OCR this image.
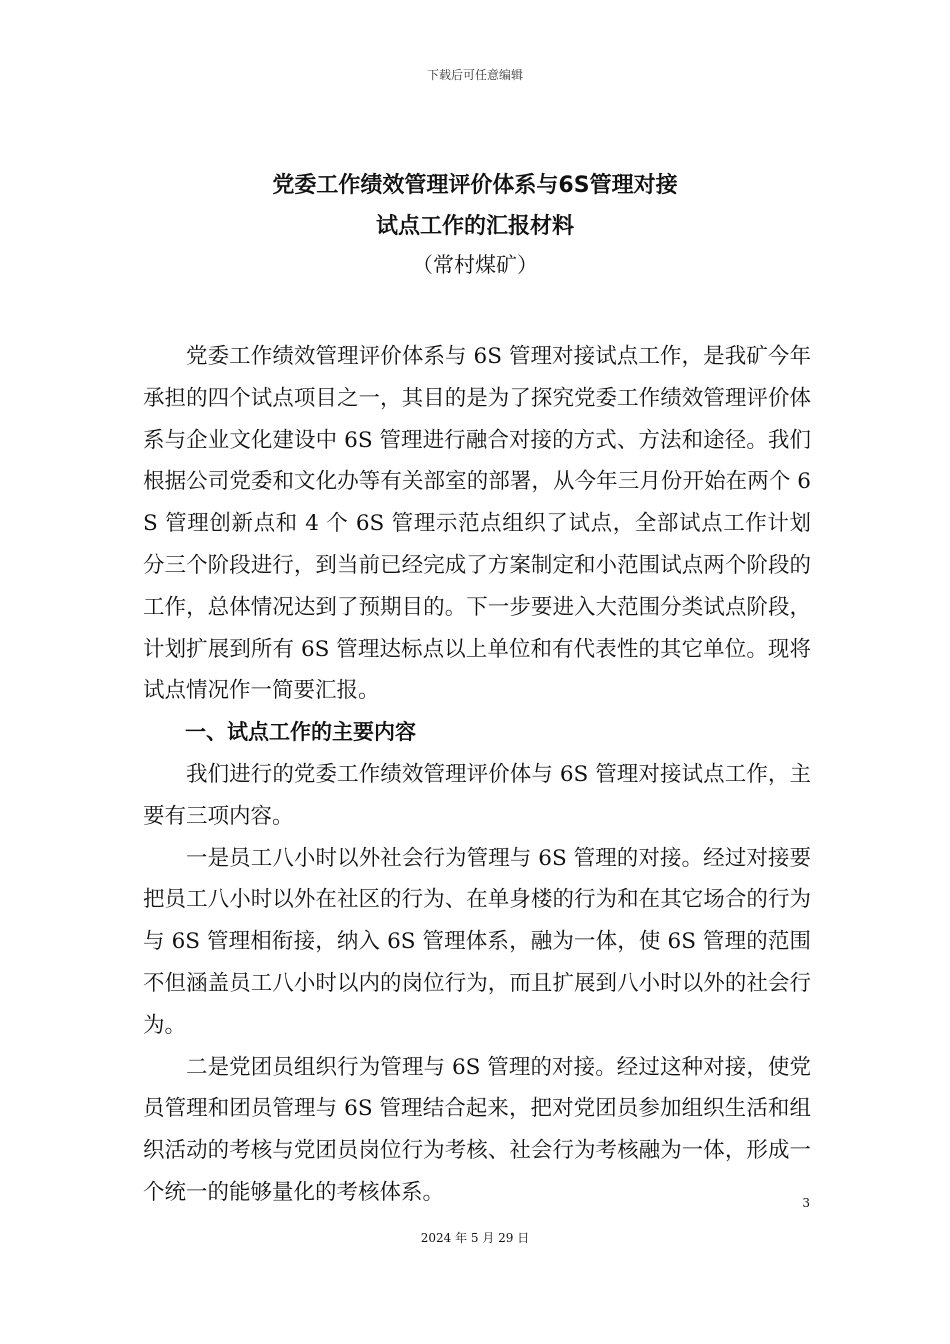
下载后可任意编辑
党委工作绩效管理评价体系与6S管理对接
试点工作的汇报材料
（常村煤矿）

党委工作绩效管理评价体系与 6S 管理对接试点工作，是我矿今年承担的四个试点项目之一，其目的是为了探究党委工作绩效管理评价体系与企业文化建设中 6S 管理进行融合对接的方式、方法和途径。我们根据公司党委和文化办等有关部室的部署，从今年三月份开始在两个 6S 管理创新点和 4 个 6S 管理示范点组织了试点，全部试点工作计划分三个阶段进行，到当前已经完成了方案制定和小范围试点两个阶段的工作，总体情况达到了预期目的。下一步要进入大范围分类试点阶段，计划扩展到所有 6S 管理达标点以上单位和有代表性的其它单位。现将试点情况作一简要汇报。

一、试点工作的主要内容

我们进行的党委工作绩效管理评价体与 6S 管理对接试点工作，主要有三项内容。

一是员工八小时以外社会行为管理与 6S 管理的对接。经过对接要把员工八小时以外在社区的行为、在单身楼的行为和在其它场合的行为与 6S 管理相衔接，纳入 6S 管理体系，融为一体，使 6S 管理的范围不但涵盖员工八小时以内的岗位行为，而且扩展到八小时以外的社会行为。

二是党团员组织行为管理与 6S 管理的对接。经过这种对接，使党员管理和团员管理与 6S 管理结合起来，把对党团员参加组织生活和组织活动的考核与党团员岗位行为考核、社会行为考核融为一体，形成一个统一的能够量化的考核体系。	3
2024 年 5 月 29 日
